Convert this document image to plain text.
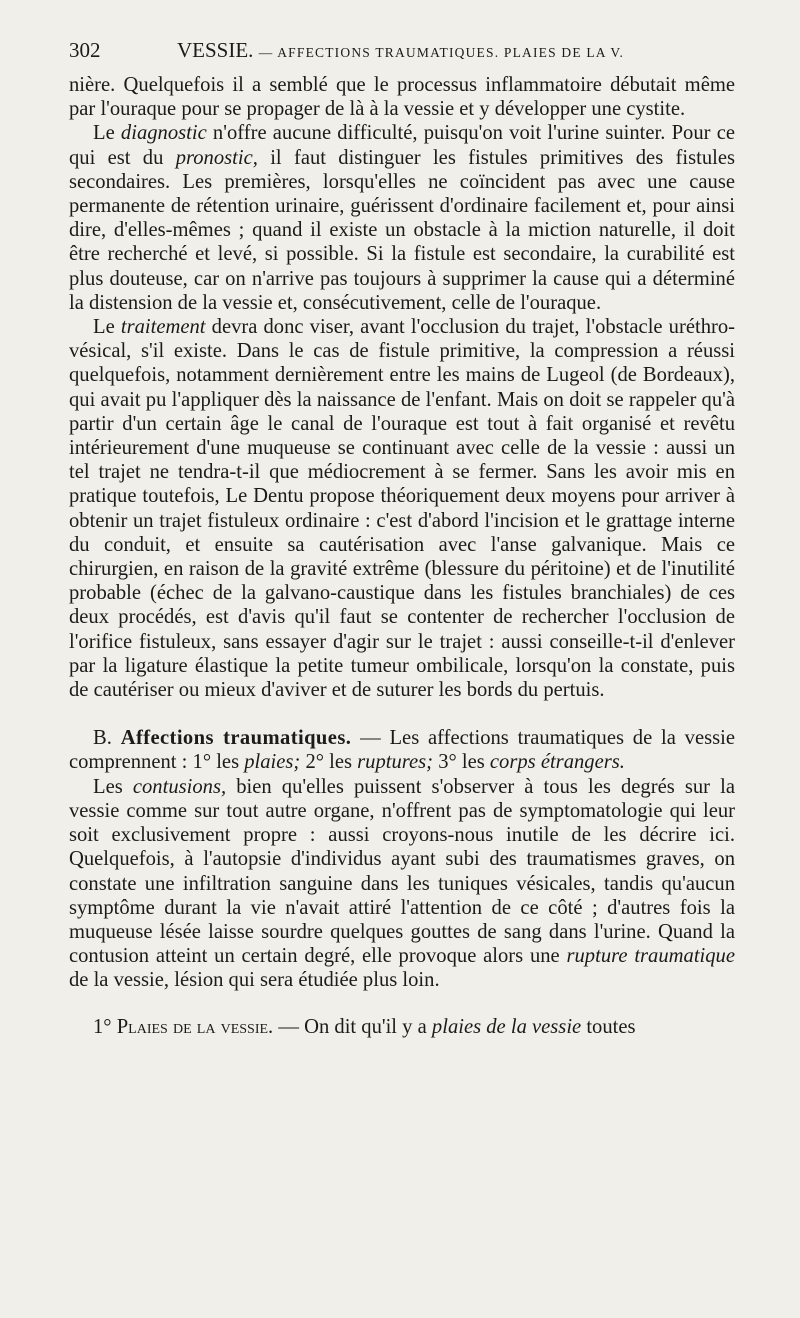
302	VESSIE. — AFFECTIONS TRAUMATIQUES. PLAIES DE LA V.

nière. Quelquefois il a semblé que le processus inflammatoire débutait même par l'ouraque pour se propager de là à la vessie et y développer une cystite.

Le diagnostic n'offre aucune difficulté, puisqu'on voit l'urine suinter. Pour ce qui est du pronostic, il faut distinguer les fistules primitives des fistules secondaires. Les premières, lorsqu'elles ne coïncident pas avec une cause permanente de rétention urinaire, guérissent d'ordinaire facilement et, pour ainsi dire, d'elles-mêmes ; quand il existe un obstacle à la miction naturelle, il doit être recherché et levé, si possible. Si la fistule est secondaire, la curabilité est plus douteuse, car on n'arrive pas toujours à supprimer la cause qui a déterminé la distension de la vessie et, consécutivement, celle de l'ouraque.

Le traitement devra donc viser, avant l'occlusion du trajet, l'obstacle uréthro-vésical, s'il existe. Dans le cas de fistule primitive, la compression a réussi quelquefois, notamment dernièrement entre les mains de Lugeol (de Bordeaux), qui avait pu l'appliquer dès la naissance de l'enfant. Mais on doit se rappeler qu'à partir d'un certain âge le canal de l'ouraque est tout à fait organisé et revêtu intérieurement d'une muqueuse se continuant avec celle de la vessie : aussi un tel trajet ne tendra-t-il que médiocrement à se fermer. Sans les avoir mis en pratique toutefois, Le Dentu propose théoriquement deux moyens pour arriver à obtenir un trajet fistuleux ordinaire : c'est d'abord l'incision et le grattage interne du conduit, et ensuite sa cautérisation avec l'anse galvanique. Mais ce chirurgien, en raison de la gravité extrême (blessure du péritoine) et de l'inutilité probable (échec de la galvano-caustique dans les fistules branchiales) de ces deux procédés, est d'avis qu'il faut se contenter de rechercher l'occlusion de l'orifice fistuleux, sans essayer d'agir sur le trajet : aussi conseille-t-il d'enlever par la ligature élastique la petite tumeur ombilicale, lorsqu'on la constate, puis de cautériser ou mieux d'aviver et de suturer les bords du pertuis.

B. Affections traumatiques. — Les affections traumatiques de la vessie comprennent : 1° les plaies; 2° les ruptures; 3° les corps étrangers.

Les contusions, bien qu'elles puissent s'observer à tous les degrés sur la vessie comme sur tout autre organe, n'offrent pas de symptomatologie qui leur soit exclusivement propre : aussi croyons-nous inutile de les décrire ici. Quelquefois, à l'autopsie d'individus ayant subi des traumatismes graves, on constate une infiltration sanguine dans les tuniques vésicales, tandis qu'aucun symptôme durant la vie n'avait attiré l'attention de ce côté ; d'autres fois la muqueuse lésée laisse sourdre quelques gouttes de sang dans l'urine. Quand la contusion atteint un certain degré, elle provoque alors une rupture traumatique de la vessie, lésion qui sera étudiée plus loin.

1° Plaies de la vessie. — On dit qu'il y a plaies de la vessie toutes
